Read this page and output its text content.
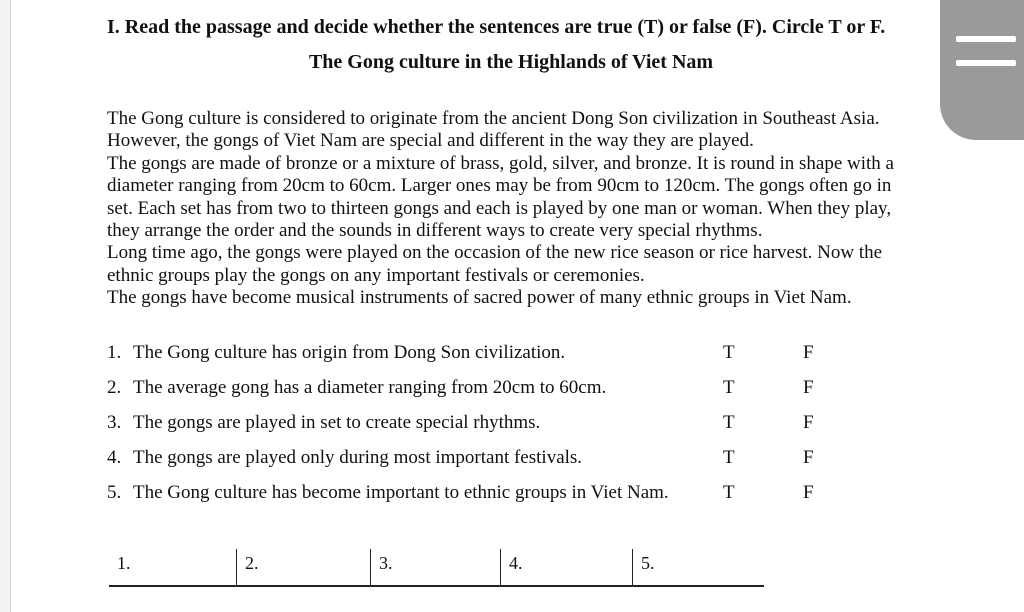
I. Read the passage and decide whether the sentences are true (T) or false (F). Circle T or F.
The Gong culture in the Highlands of Viet Nam

The Gong culture is considered to originate from the ancient Dong Son civilization in Southeast Asia. However, the gongs of Viet Nam are special and different in the way they are played.

The gongs are made of bronze or a mixture of brass, gold, silver, and bronze. It is round in shape with a diameter ranging from 20cm to 60cm. Larger ones may be from 90cm to 120cm. The gongs often go in set. Each set has from two to thirteen gongs and each is played by one man or woman. When they play, they arrange the order and the sounds in different ways to create very special rhythms.

Long time ago, the gongs were played on the occasion of the new rice season or rice harvest. Now the ethnic groups play the gongs on any important festivals or ceremonies.

The gongs have become musical instruments of sacred power of many ethnic groups in Viet Nam.

1. The Gong culture has origin from Dong Son civilization.	T	F
2. The average gong has a diameter ranging from 20cm to 60cm.	T	F
3. The gongs are played in set to create special rhythms.	T	F
4. The gongs are played only during most important festivals.	T	F
5. The Gong culture has become important to ethnic groups in Viet Nam.	T	F
1.	2.	3.	4.	5.
